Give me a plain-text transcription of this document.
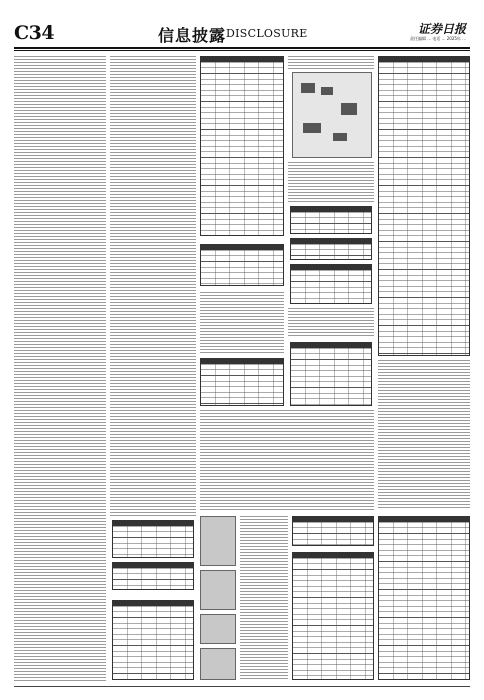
C34	信息披露 DISCLOSURE	证券日报
责任编辑 ... 电话 ... 2025年 ...
